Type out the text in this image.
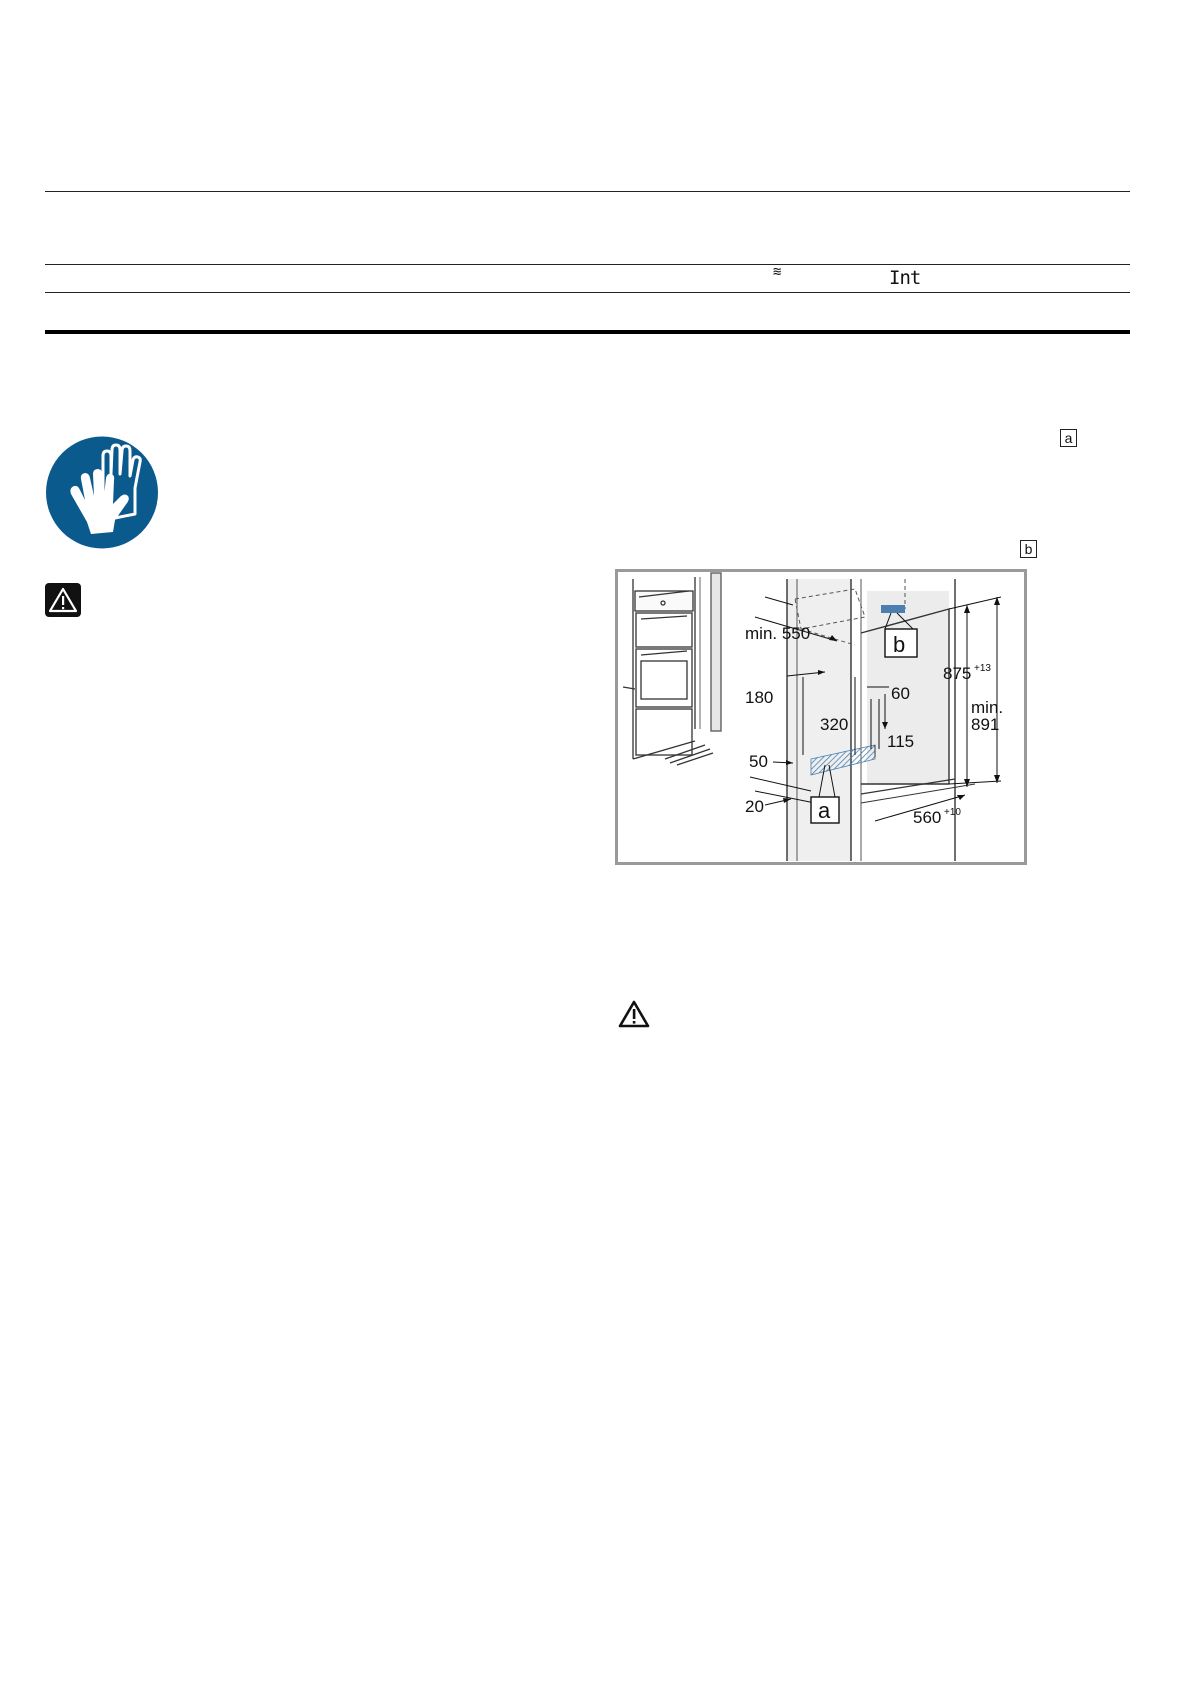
≋	Int
a
b
min. 550
180
320
60
115
50
20
560 +10
875 +13
min.
891
a
b
